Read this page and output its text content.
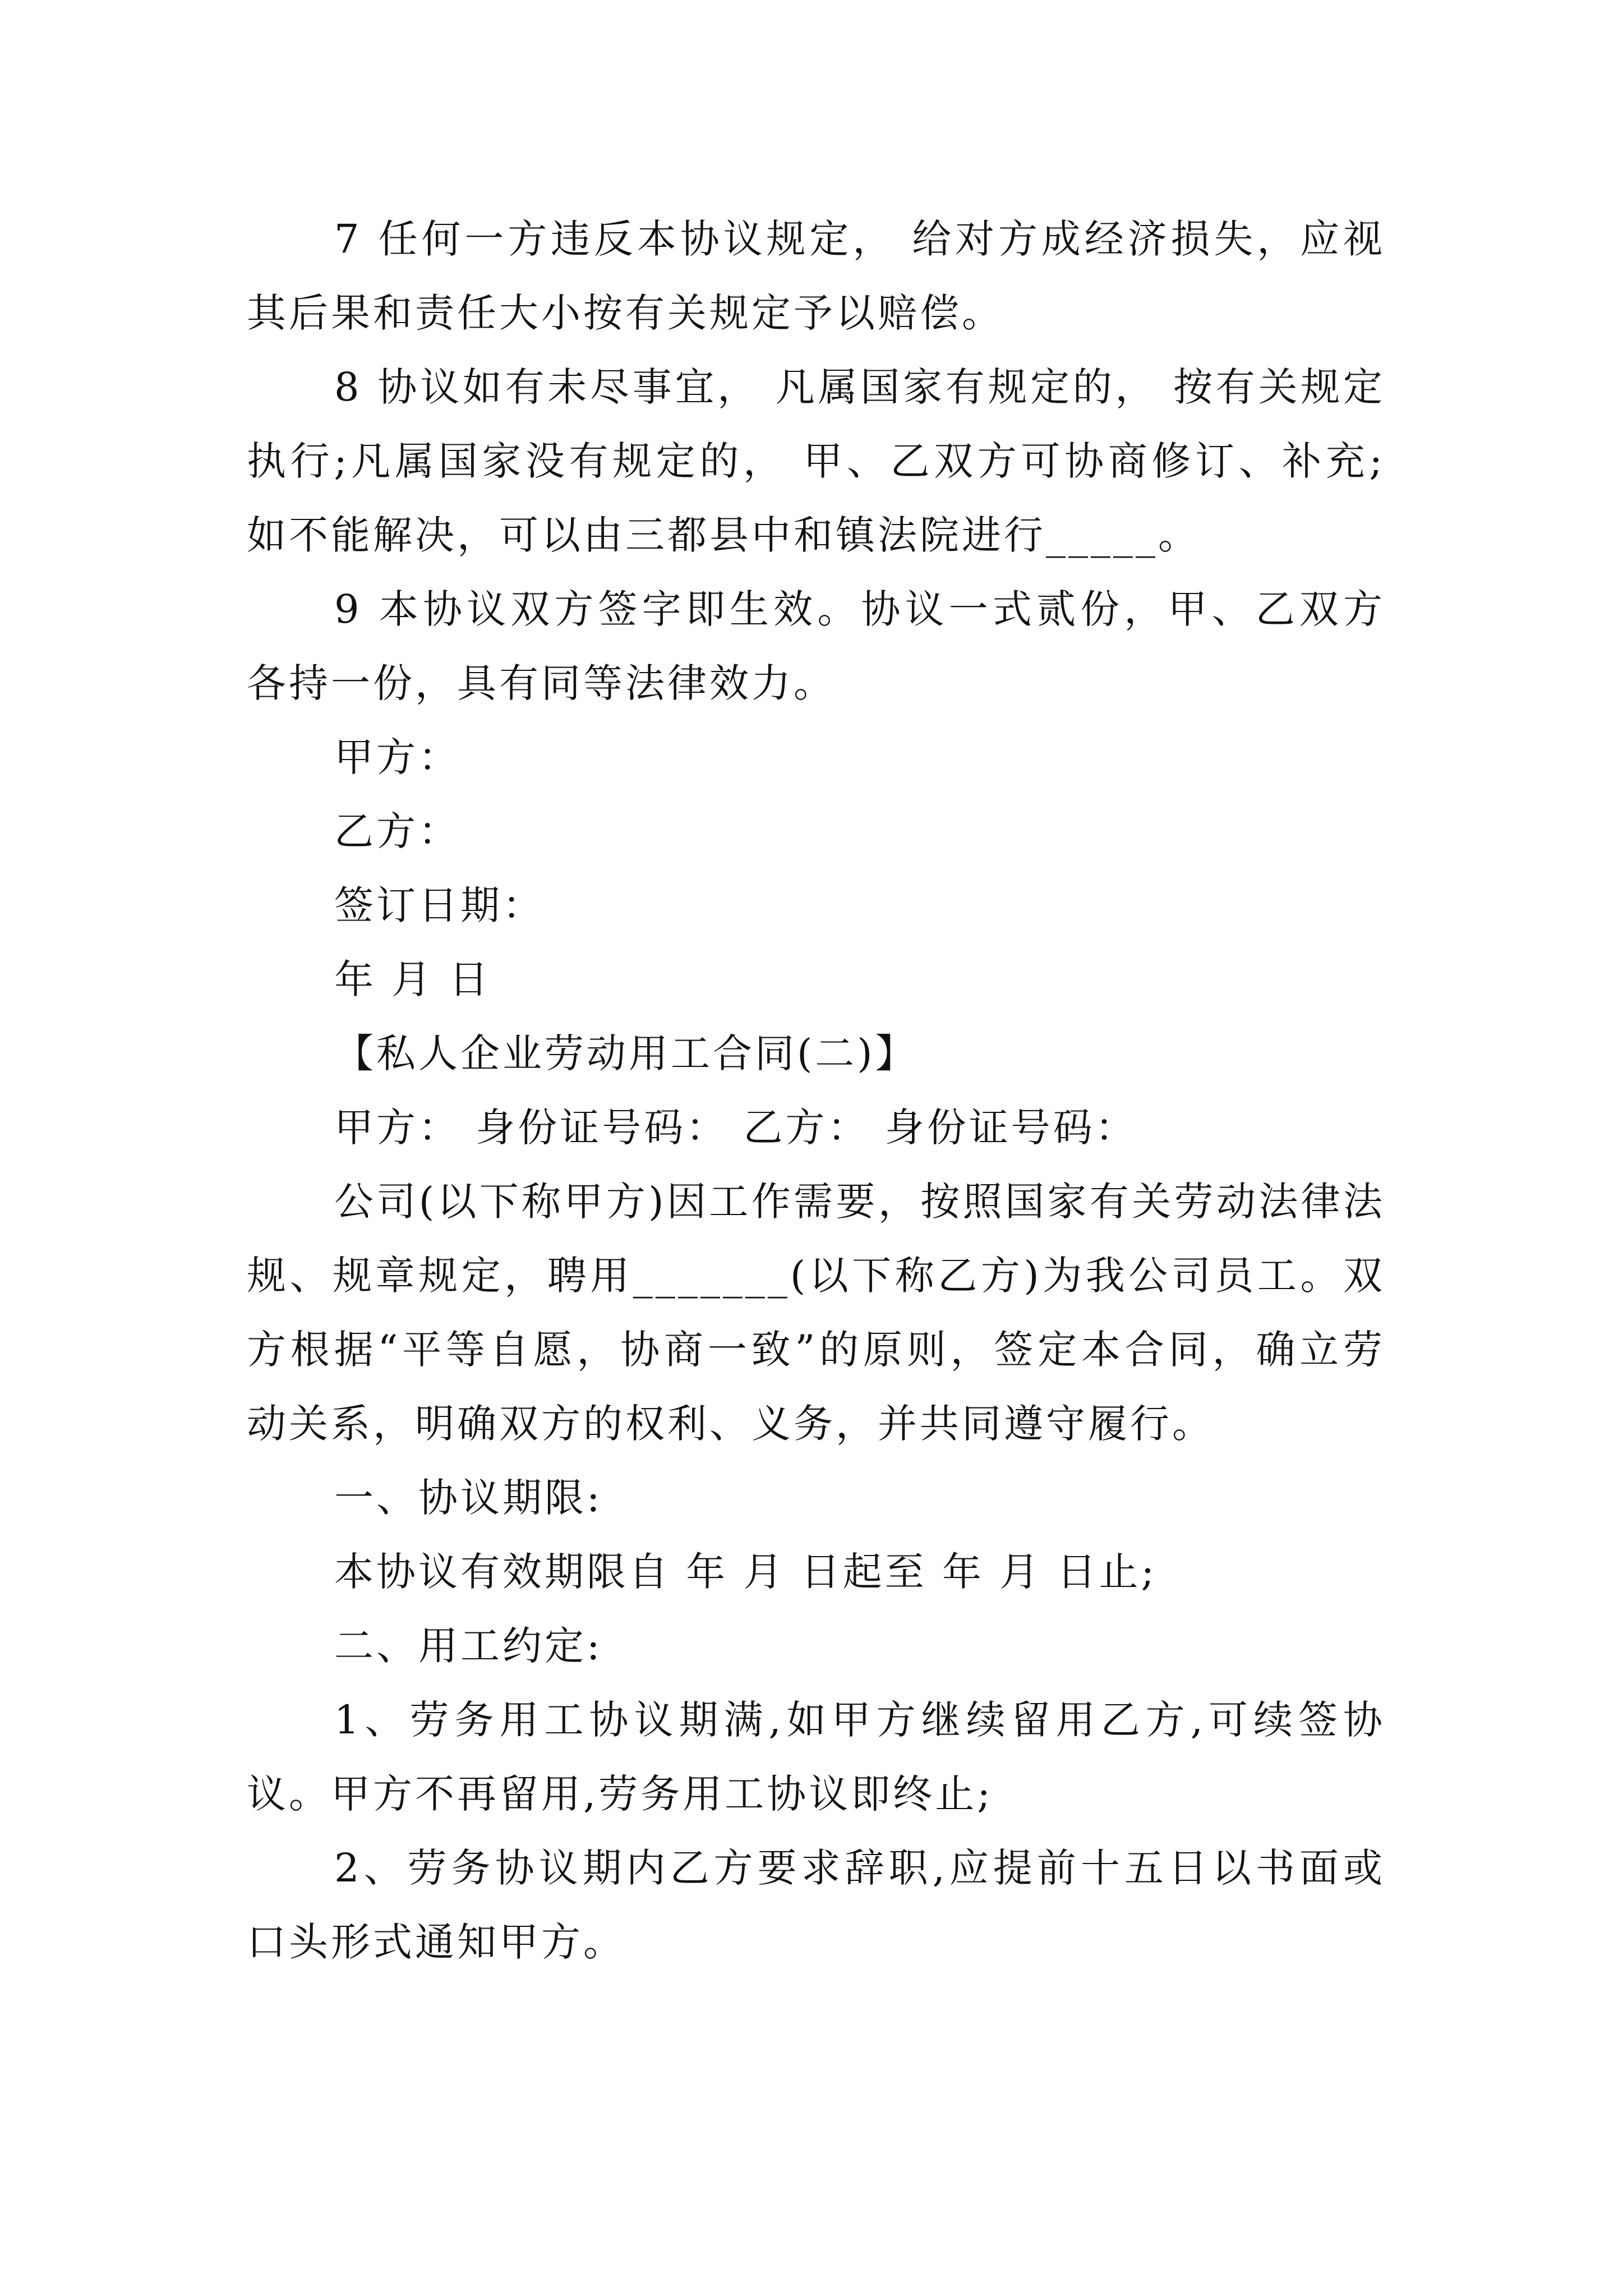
7 任何一方违反本协议规定， 给对方成经济损失，应视其后果和责任大小按有关规定予以赔偿。

8 协议如有未尽事宜， 凡属国家有规定的， 按有关规定执行;凡属国家没有规定的， 甲、乙双方可协商修订、补充;如不能解决，可以由三都县中和镇法院进行_____。

9 本协议双方签字即生效。协议一式贰份，甲、乙双方各持一份，具有同等法律效力。

甲方：

乙方：

签订日期：

年 月 日

【私人企业劳动用工合同(二)】

甲方： 身份证号码： 乙方： 身份证号码：

公司(以下称甲方)因工作需要，按照国家有关劳动法律法规、规章规定，聘用_______(以下称乙方)为我公司员工。双方根据“平等自愿，协商一致”的原则，签定本合同，确立劳动关系，明确双方的权利、义务，并共同遵守履行。

一、协议期限:

本协议有效期限自 年 月 日起至 年 月 日止;

二、用工约定:

1、劳务用工协议期满,如甲方继续留用乙方,可续签协议。甲方不再留用,劳务用工协议即终止;

2、劳务协议期内乙方要求辞职,应提前十五日以书面或口头形式通知甲方。
